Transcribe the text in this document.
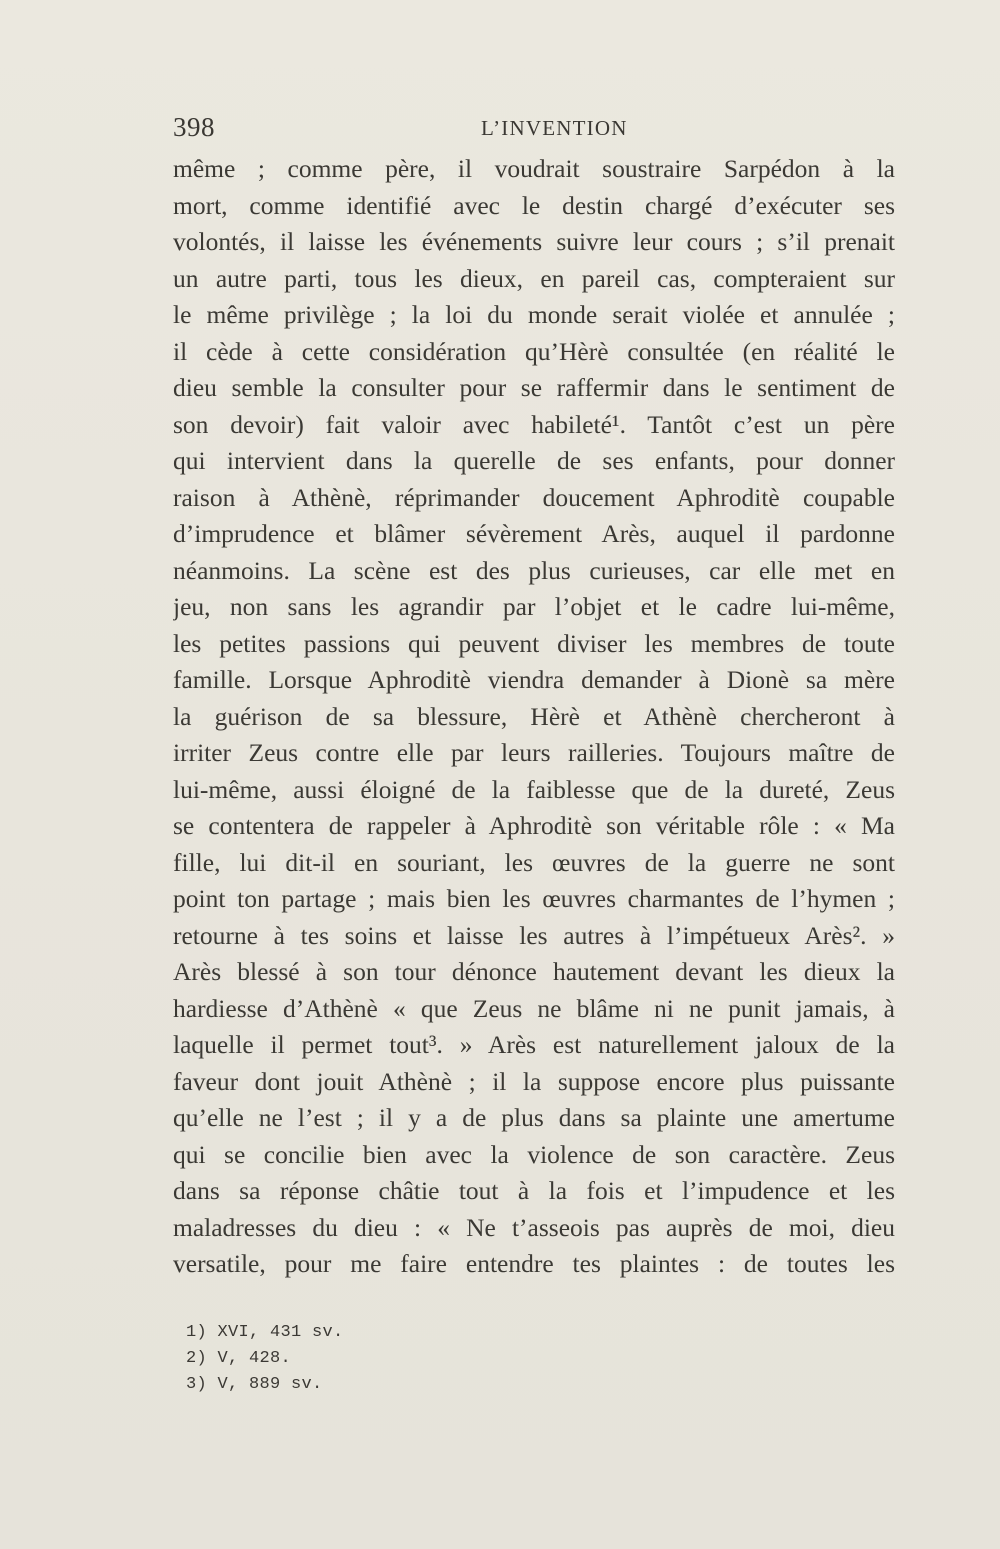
398	L’INVENTION
même ; comme père, il voudrait soustraire Sarpédon à la
mort, comme identifié avec le destin chargé d’exécuter ses
volontés, il laisse les événements suivre leur cours ; s’il prenait
un autre parti, tous les dieux, en pareil cas, compteraient sur
le même privilège ; la loi du monde serait violée et annulée ;
il cède à cette considération qu’Hèrè consultée (en réalité le
dieu semble la consulter pour se raffermir dans le sentiment de
son devoir) fait valoir avec habileté¹. Tantôt c’est un père
qui intervient dans la querelle de ses enfants, pour donner
raison à Athènè, réprimander doucement Aphroditè coupable
d’imprudence et blâmer sévèrement Arès, auquel il pardonne
néanmoins. La scène est des plus curieuses, car elle met en
jeu, non sans les agrandir par l’objet et le cadre lui-même,
les petites passions qui peuvent diviser les membres de toute
famille. Lorsque Aphroditè viendra demander à Dionè sa mère
la guérison de sa blessure, Hèrè et Athènè chercheront à
irriter Zeus contre elle par leurs railleries. Toujours maître de
lui-même, aussi éloigné de la faiblesse que de la dureté, Zeus
se contentera de rappeler à Aphroditè son véritable rôle : « Ma
fille, lui dit-il en souriant, les œuvres de la guerre ne sont
point ton partage ; mais bien les œuvres charmantes de l’hymen ;
retourne à tes soins et laisse les autres à l’impétueux Arès². »
Arès blessé à son tour dénonce hautement devant les dieux la
hardiesse d’Athènè « que Zeus ne blâme ni ne punit jamais, à
laquelle il permet tout³. » Arès est naturellement jaloux de la
faveur dont jouit Athènè ; il la suppose encore plus puissante
qu’elle ne l’est ; il y a de plus dans sa plainte une amertume
qui se concilie bien avec la violence de son caractère. Zeus
dans sa réponse châtie tout à la fois et l’impudence et les
maladresses du dieu : « Ne t’asseois pas auprès de moi, dieu
versatile, pour me faire entendre tes plaintes : de toutes les
1) XVI, 431 sv.
2) V, 428.
3) V, 889 sv.
